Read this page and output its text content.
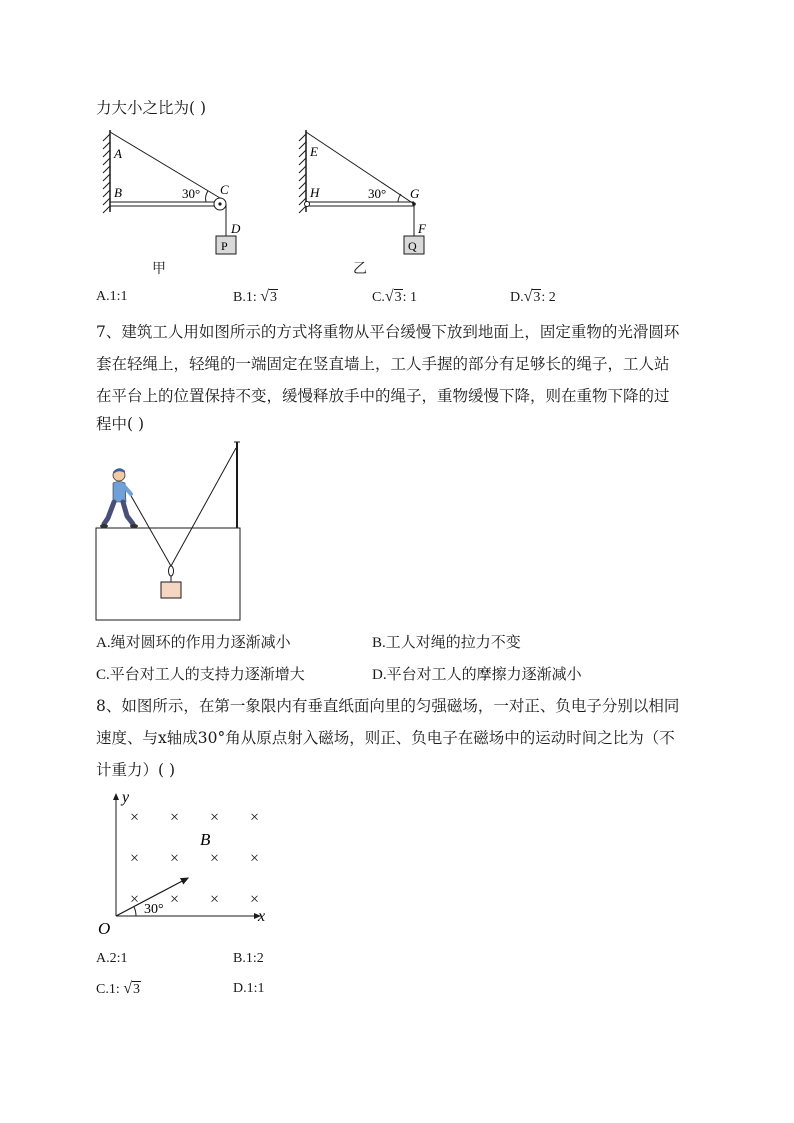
力大小之比为( )
A
B	C
D
P
30°
甲
E
H	G
F
Q
30°
乙
A.1:1	B.1: √3	C.√3: 1	D.√3: 2
7、建筑工人用如图所示的方式将重物从平台缓慢下放到地面上，固定重物的光滑圆环
套在轻绳上，轻绳的一端固定在竖直墙上，工人手握的部分有足够长的绳子，工人站
在平台上的位置保持不变，缓慢释放手中的绳子，重物缓慢下降，则在重物下降的过
程中( )
A.绳对圆环的作用力逐渐减小	B.工人对绳的拉力不变
C.平台对工人的支持力逐渐增大	D.平台对工人的摩擦力逐渐减小
8、如图所示，在第一象限内有垂直纸面向里的匀强磁场，一对正、负电子分别以相同
速度、与x轴成30°角从原点射入磁场，则正、负电子在磁场中的运动时间之比为（不
计重力）( )
× × × ×
× × × ×
× × × ×
y
x
O
B
30°
A.2:1	B.1:2
C.1: √3	D.1:1
